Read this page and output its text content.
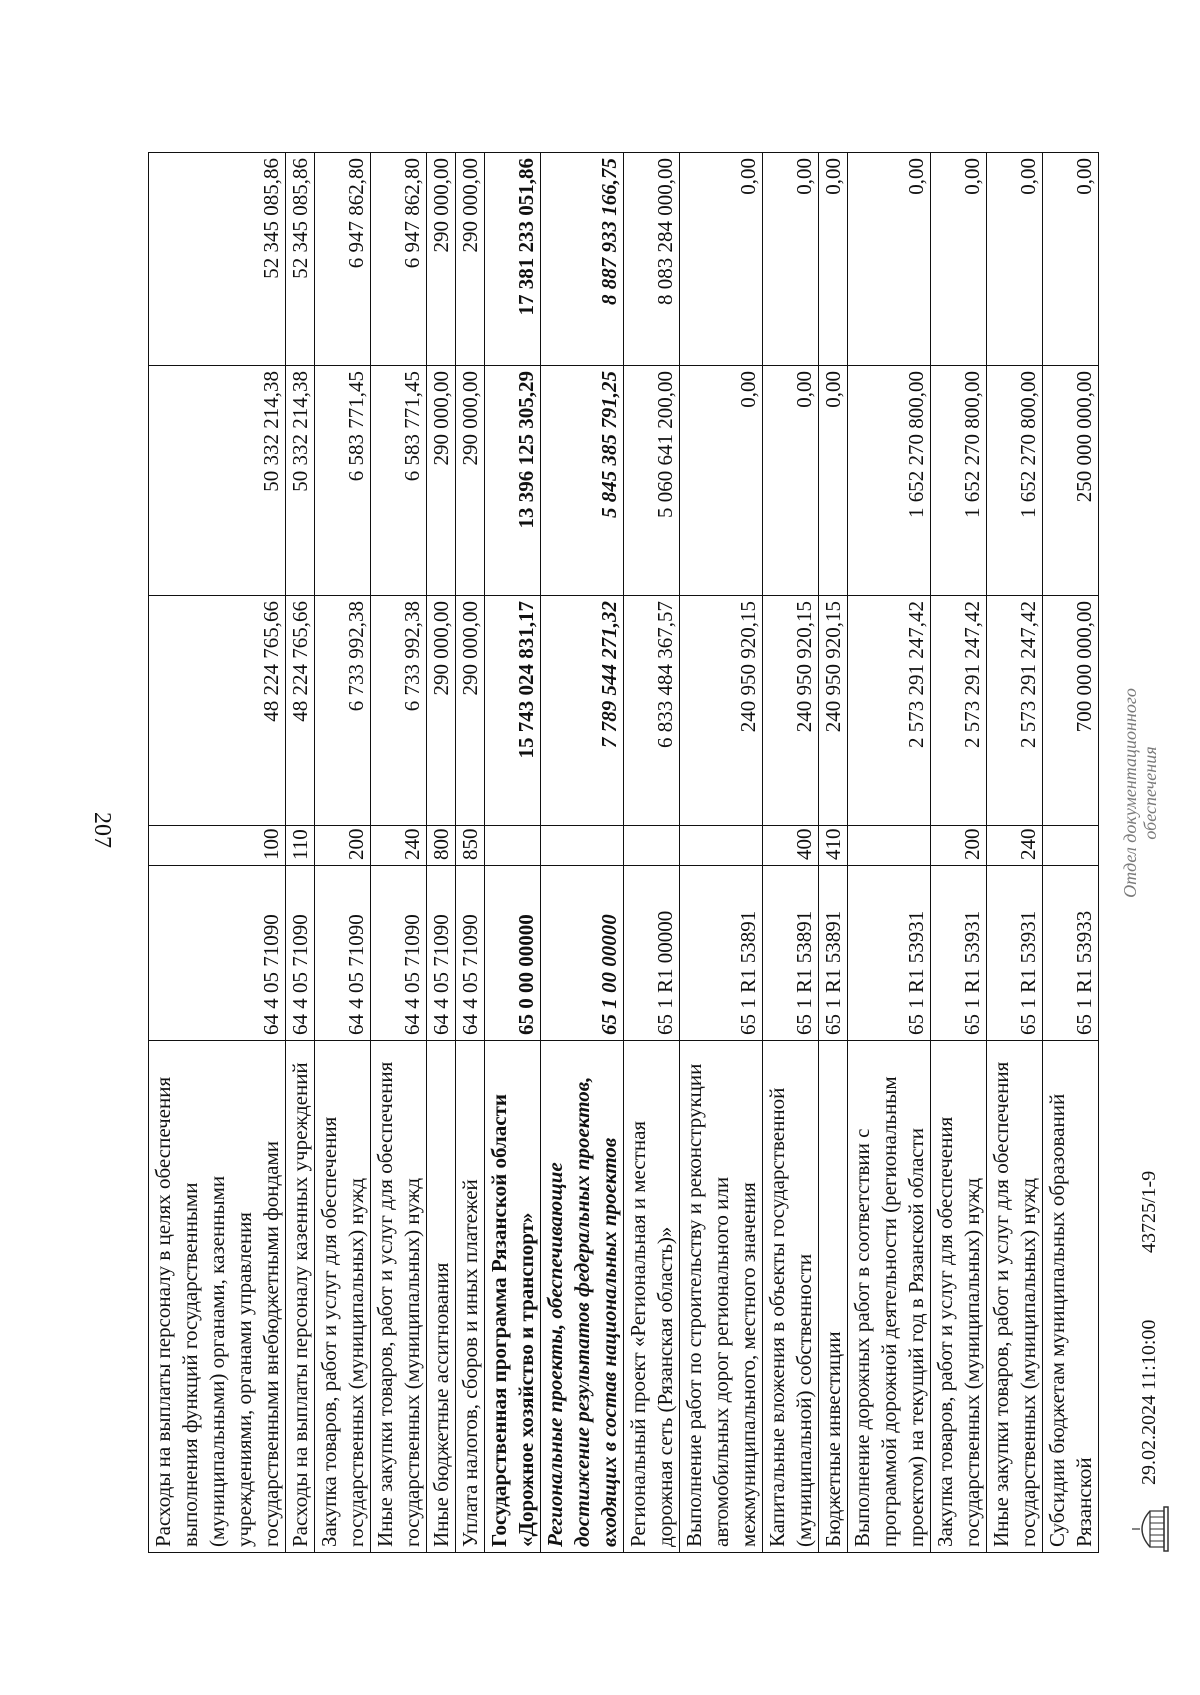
207
Расходы на выплаты персоналу в целях обеспечения выполнения функций государственными (муниципальными) органами, казенными учреждениями, органами управления государственными внебюджетными фондами	64 4 05 71090	100	48 224 765,66	50 332 214,38	52 345 085,86
Расходы на выплаты персоналу казенных учреждений	64 4 05 71090	110	48 224 765,66	50 332 214,38	52 345 085,86
Закупка товаров, работ и услуг для обеспечения государственных (муниципальных) нужд	64 4 05 71090	200	6 733 992,38	6 583 771,45	6 947 862,80
Иные закупки товаров, работ и услуг для обеспечения государственных (муниципальных) нужд	64 4 05 71090	240	6 733 992,38	6 583 771,45	6 947 862,80
Иные бюджетные ассигнования	64 4 05 71090	800	290 000,00	290 000,00	290 000,00
Уплата налогов, сборов и иных платежей	64 4 05 71090	850	290 000,00	290 000,00	290 000,00
Государственная программа Рязанской области «Дорожное хозяйство и транспорт»	65 0 00 00000		15 743 024 831,17	13 396 125 305,29	17 381 233 051,86
Региональные проекты, обеспечивающие достижение результатов федеральных проектов, входящих в состав национальных проектов	65 1 00 00000		7 789 544 271,32	5 845 385 791,25	8 887 933 166,75
Региональный проект «Региональная и местная дорожная сеть (Рязанская область)»	65 1 R1 00000		6 833 484 367,57	5 060 641 200,00	8 083 284 000,00
Выполнение работ по строительству и реконструкции автомобильных дорог регионального или межмуниципального, местного значения	65 1 R1 53891		240 950 920,15	0,00	0,00
Капитальные вложения в объекты государственной (муниципальной) собственности	65 1 R1 53891	400	240 950 920,15	0,00	0,00
Бюджетные инвестиции	65 1 R1 53891	410	240 950 920,15	0,00	0,00
Выполнение дорожных работ в соответствии с программой дорожной деятельности (региональным проектом) на текущий год в Рязанской области	65 1 R1 53931		2 573 291 247,42	1 652 270 800,00	0,00
Закупка товаров, работ и услуг для обеспечения государственных (муниципальных) нужд	65 1 R1 53931	200	2 573 291 247,42	1 652 270 800,00	0,00
Иные закупки товаров, работ и услуг для обеспечения государственных (муниципальных) нужд	65 1 R1 53931	240	2 573 291 247,42	1 652 270 800,00	0,00
Субсидии бюджетам муниципальных образований Рязанской	65 1 R1 53933		700 000 000,00	250 000 000,00	0,00
29.02.2024 11:10:00
43725/1-9
Отдел документационного обеспечения
